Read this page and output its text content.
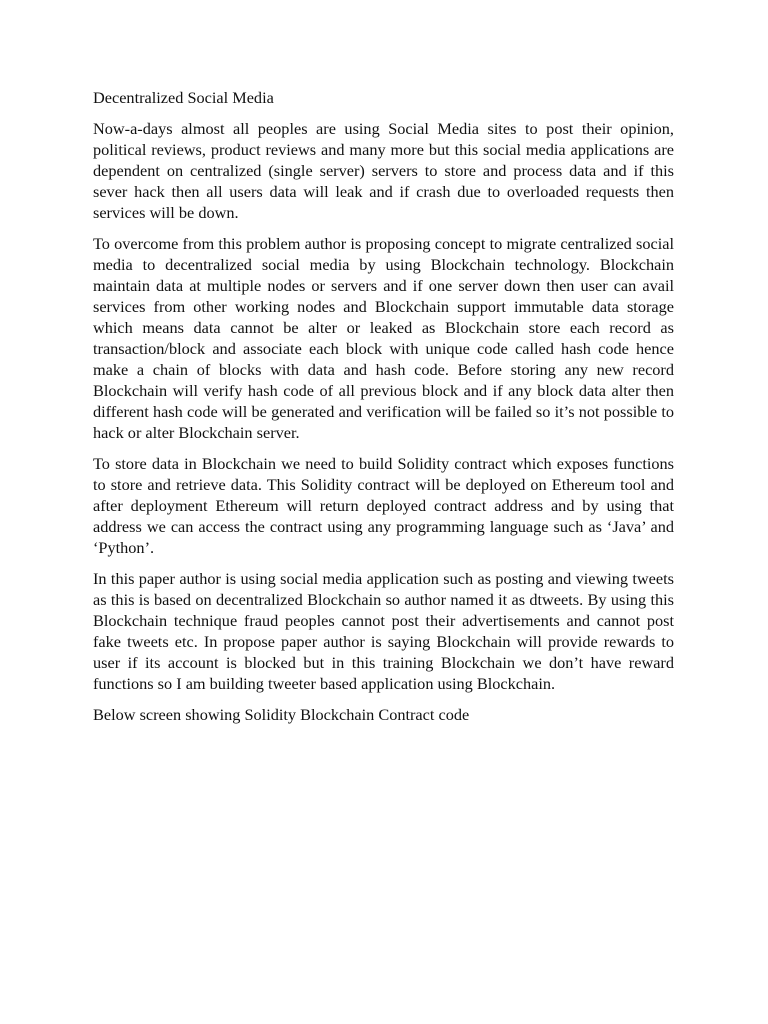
Decentralized Social Media

Now-a-days almost all peoples are using Social Media sites to post their opinion, political reviews, product reviews and many more but this social media applications are dependent on centralized (single server) servers to store and process data and if this sever hack then all users data will leak and if crash due to overloaded requests then services will be down.

To overcome from this problem author is proposing concept to migrate centralized social media to decentralized social media by using Blockchain technology. Blockchain maintain data at multiple nodes or servers and if one server down then user can avail services from other working nodes and Blockchain support immutable data storage which means data cannot be alter or leaked as Blockchain store each record as transaction/block and associate each block with unique code called hash code hence make a chain of blocks with data and hash code. Before storing any new record Blockchain will verify hash code of all previous block and if any block data alter then different hash code will be generated and verification will be failed so it’s not possible to hack or alter Blockchain server.

To store data in Blockchain we need to build Solidity contract which exposes functions to store and retrieve data. This Solidity contract will be deployed on Ethereum tool and after deployment Ethereum will return deployed contract address and by using that address we can access the contract using any programming language such as ‘Java’ and ‘Python’.

In this paper author is using social media application such as posting and viewing tweets as this is based on decentralized Blockchain so author named it as dtweets. By using this Blockchain technique fraud peoples cannot post their advertisements and cannot post fake tweets etc. In propose paper author is saying Blockchain will provide rewards to user if its account is blocked but in this training Blockchain we don’t have reward functions so I am building tweeter based application using Blockchain.

Below screen showing Solidity Blockchain Contract code
